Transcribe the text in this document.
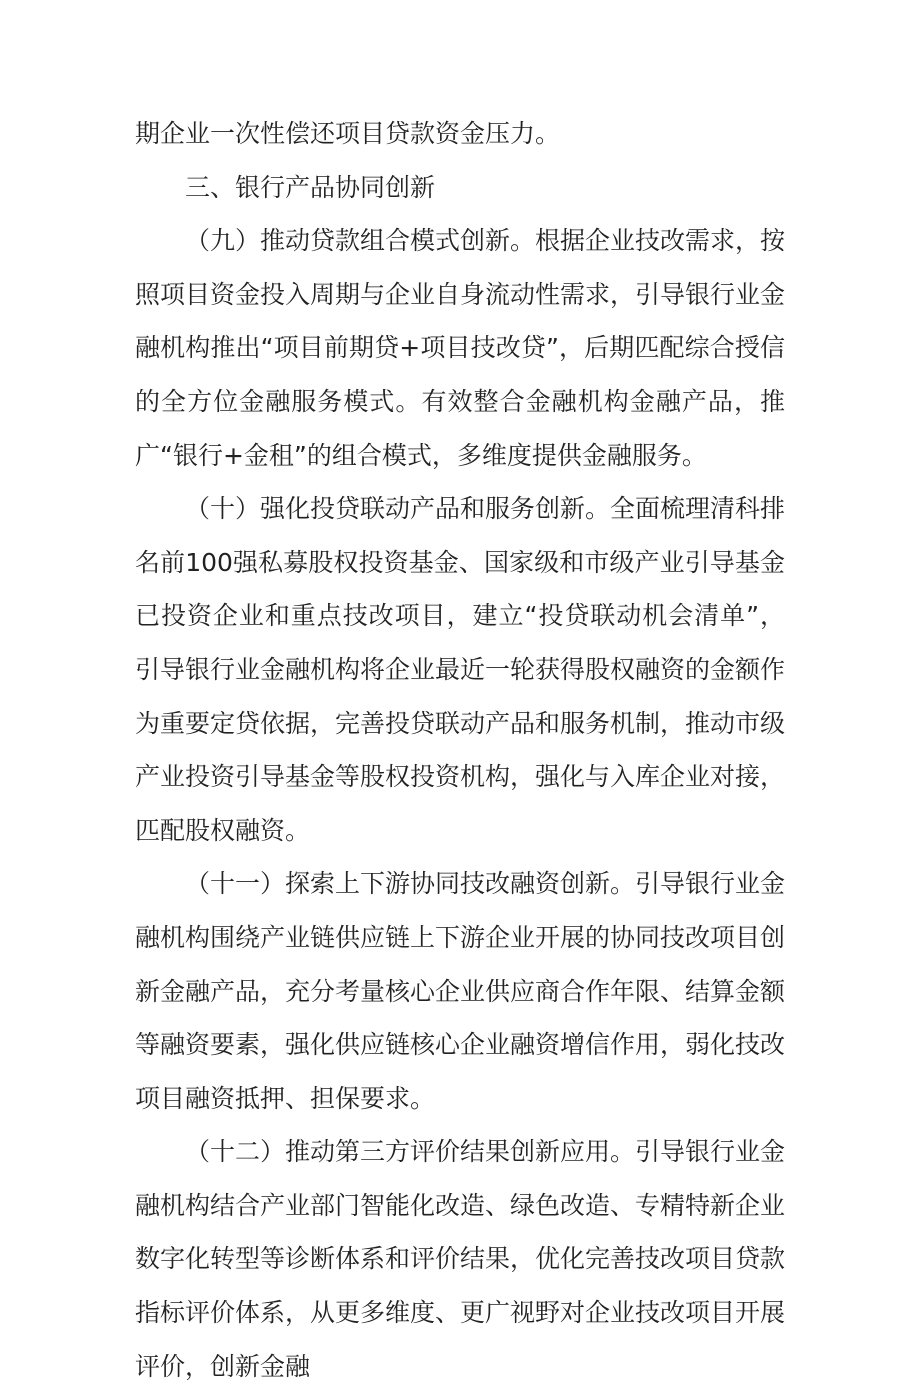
期企业一次性偿还项目贷款资金压力。

三、银行产品协同创新

（九）推动贷款组合模式创新。根据企业技改需求，按照项目资金投入周期与企业自身流动性需求，引导银行业金融机构推出“项目前期贷+项目技改贷”，后期匹配综合授信的全方位金融服务模式。有效整合金融机构金融产品，推广“银行+金租”的组合模式，多维度提供金融服务。

（十）强化投贷联动产品和服务创新。全面梳理清科排名前100强私募股权投资基金、国家级和市级产业引导基金已投资企业和重点技改项目，建立“投贷联动机会清单”，引导银行业金融机构将企业最近一轮获得股权融资的金额作为重要定贷依据，完善投贷联动产品和服务机制，推动市级产业投资引导基金等股权投资机构，强化与入库企业对接，匹配股权融资。

（十一）探索上下游协同技改融资创新。引导银行业金融机构围绕产业链供应链上下游企业开展的协同技改项目创新金融产品，充分考量核心企业供应商合作年限、结算金额等融资要素，强化供应链核心企业融资增信作用，弱化技改项目融资抵押、担保要求。

（十二）推动第三方评价结果创新应用。引导银行业金融机构结合产业部门智能化改造、绿色改造、专精特新企业数字化转型等诊断体系和评价结果，优化完善技改项目贷款指标评价体系，从更多维度、更广视野对企业技改项目开展评价，创新金融
